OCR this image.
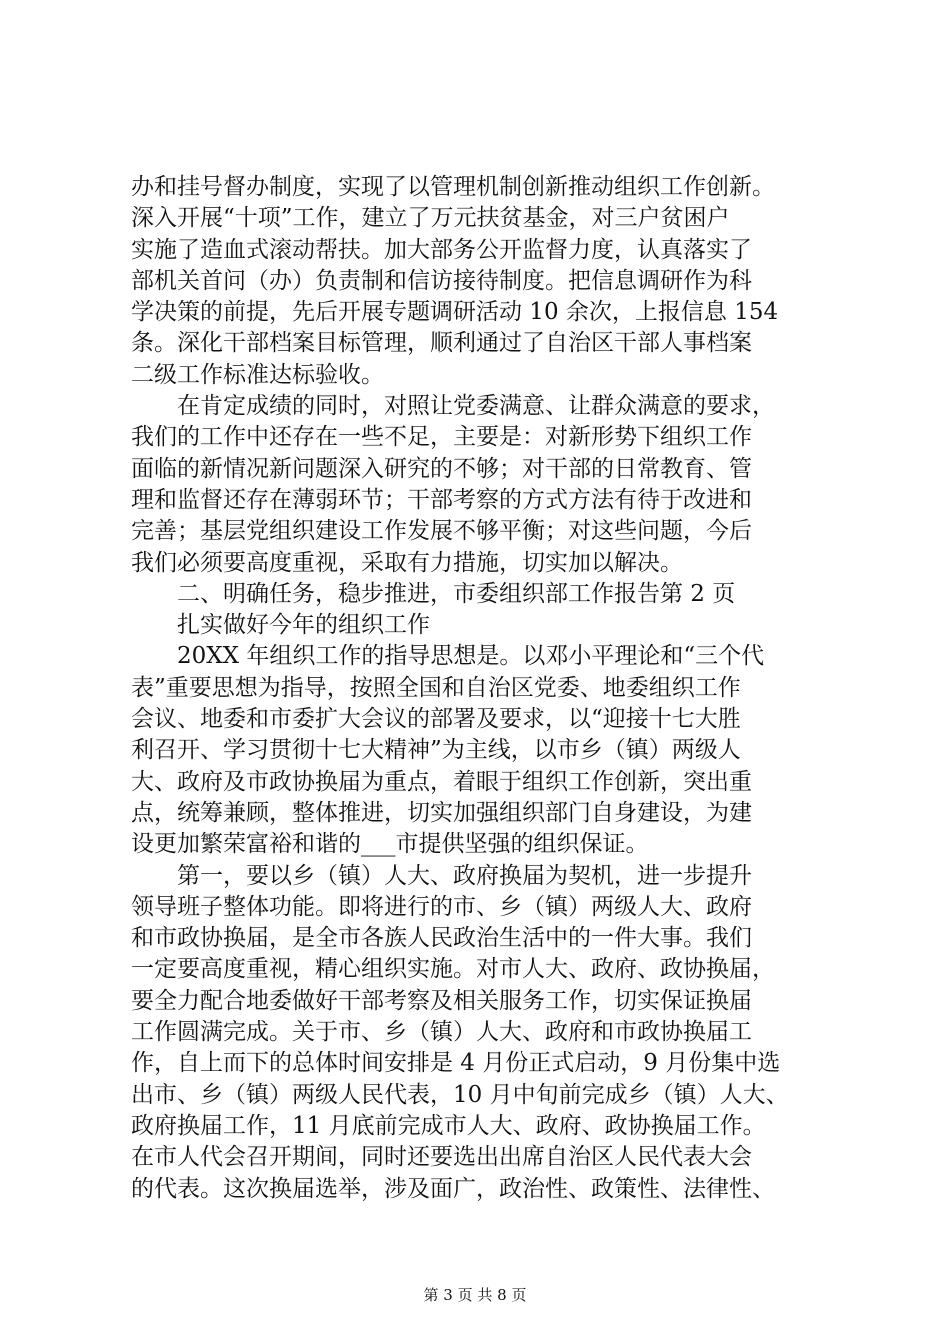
办和挂号督办制度，实现了以管理机制创新推动组织工作创新。
深入开展“十项”工作，建立了万元扶贫基金，对三户贫困户
实施了造血式滚动帮扶。加大部务公开监督力度，认真落实了
部机关首问（办）负责制和信访接待制度。把信息调研作为科
学决策的前提，先后开展专题调研活动 10 余次，上报信息 154
条。深化干部档案目标管理，顺利通过了自治区干部人事档案
二级工作标准达标验收。
在肯定成绩的同时，对照让党委满意、让群众满意的要求，
我们的工作中还存在一些不足，主要是：对新形势下组织工作
面临的新情况新问题深入研究的不够；对干部的日常教育、管
理和监督还存在薄弱环节；干部考察的方式方法有待于改进和
完善；基层党组织建设工作发展不够平衡；对这些问题，今后
我们必须要高度重视，采取有力措施，切实加以解决。
二、明确任务，稳步推进，市委组织部工作报告第 2 页
扎实做好今年的组织工作
20XX 年组织工作的指导思想是。以邓小平理论和“三个代
表”重要思想为指导，按照全国和自治区党委、地委组织工作
会议、地委和市委扩大会议的部署及要求，以“迎接十七大胜
利召开、学习贯彻十七大精神”为主线，以市乡（镇）两级人
大、政府及市政协换届为重点，着眼于组织工作创新，突出重
点，统筹兼顾，整体推进，切实加强组织部门自身建设，为建
设更加繁荣富裕和谐的___市提供坚强的组织保证。
第一，要以乡（镇）人大、政府换届为契机，进一步提升
领导班子整体功能。即将进行的市、乡（镇）两级人大、政府
和市政协换届，是全市各族人民政治生活中的一件大事。我们
一定要高度重视，精心组织实施。对市人大、政府、政协换届，
要全力配合地委做好干部考察及相关服务工作，切实保证换届
工作圆满完成。关于市、乡（镇）人大、政府和市政协换届工
作，自上而下的总体时间安排是 4 月份正式启动，9 月份集中选
出市、乡（镇）两级人民代表，10 月中旬前完成乡（镇）人大、
政府换届工作，11 月底前完成市人大、政府、政协换届工作。
在市人代会召开期间，同时还要选出出席自治区人民代表大会
的代表。这次换届选举，涉及面广，政治性、政策性、法律性、
第 3 页 共 8 页
